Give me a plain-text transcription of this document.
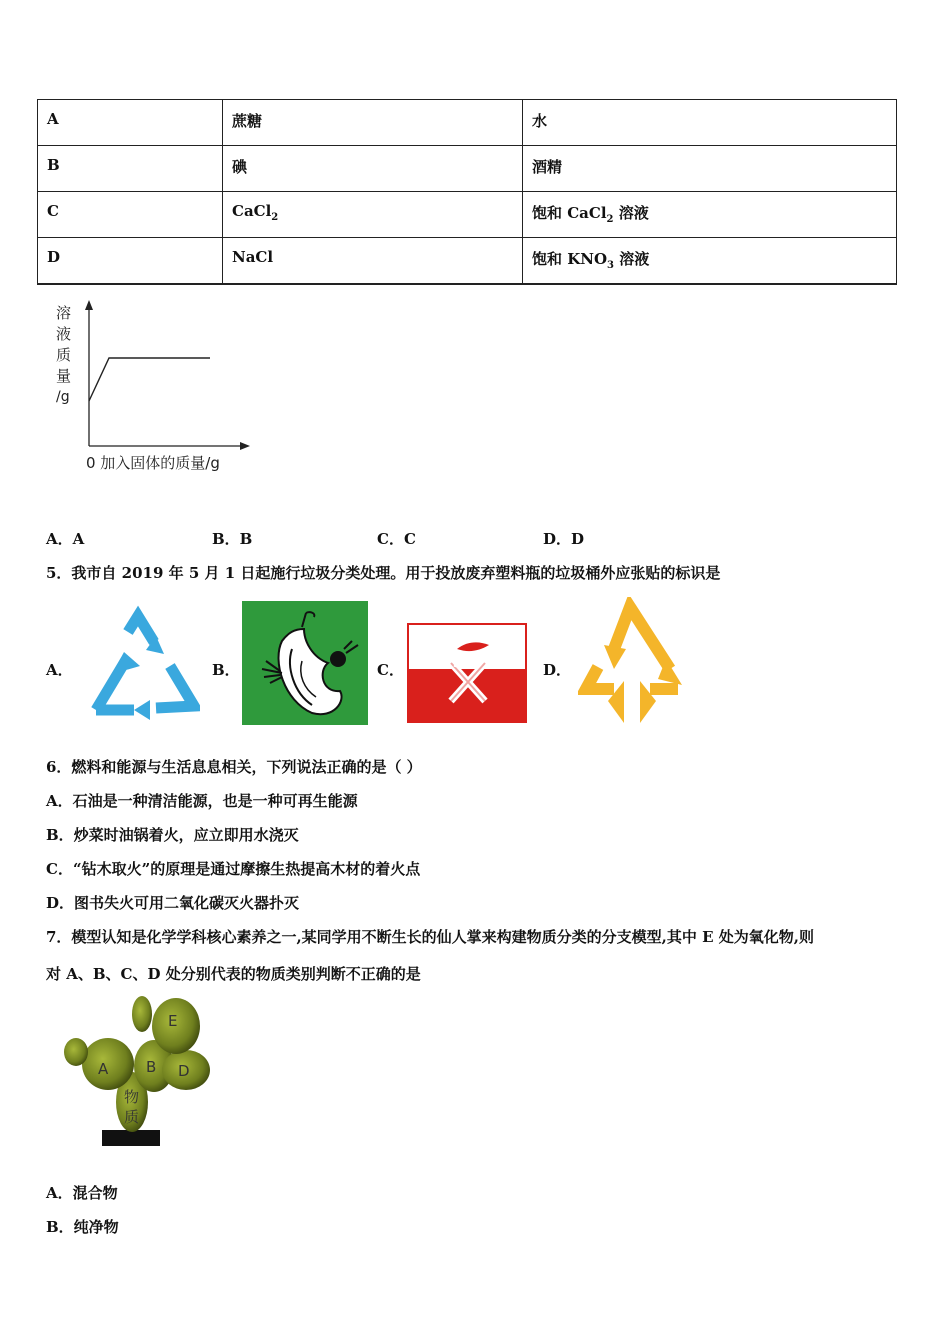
A	蔗糖	水
B	碘	酒精
C	CaCl$_2$	饱和 CaCl$_2$ 溶液
D	NaCl	饱和 $KNO_3$ 溶液
溶
液
质
量
/g
0 加入固体的质量/g
A．A	B．B	C．C	D．D
5．我市自 2019 年 5 月 1 日起施行垃圾分类处理。用于投放废弃塑料瓶的垃圾桶外应张贴的标识是
A．	B．	C．	D．
6．燃料和能源与生活息息相关，下列说法正确的是（ ）
A．石油是一种清洁能源，也是一种可再生能源
B．炒菜时油锅着火，应立即用水浇灭
C．“钻木取火”的原理是通过摩擦生热提高木材的着火点
D．图书失火可用二氧化碳灭火器扑灭
7．模型认知是化学学科核心素养之一,某同学用不断生长的仙人掌来构建物质分类的分支模型,其中 E 处为氧化物,则
对 A、B、C、D 处分别代表的物质类别判断不正确的是
A	B D
E
物
质
A．混合物
B．纯净物
